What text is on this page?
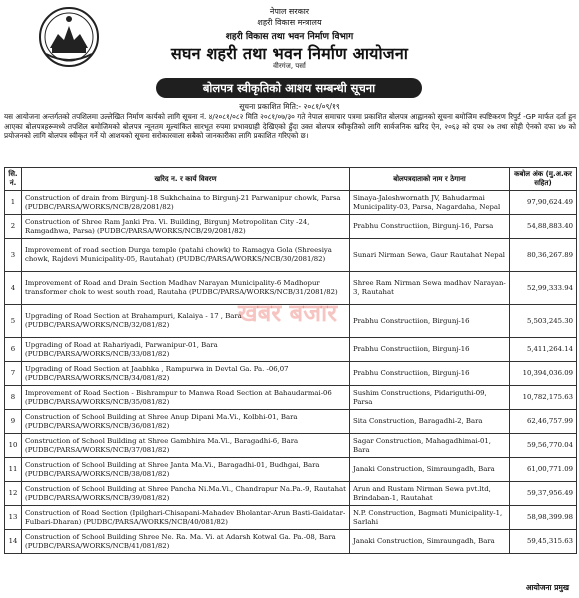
नेपाल सरकार
शहरी विकास मन्त्रालय
शहरी विकास तथा भवन निर्माण विभाग
सघन शहरी तथा भवन निर्माण आयोजना
वीरगंज, पर्सा
बोलपत्र स्वीकृतिको आशय सम्बन्धी सूचना
सूचना प्रकाशित मिति:- २०८१/०९/१९
यस आयोजना अन्तर्गतको तपशिलमा उल्लेखित निर्माण कार्यको लागि सूचना नं. ४/२०८१/०८२ मिति २०८१/०७/३० गते नेपाल समाचार पत्रमा प्रकाशित बोलपत्र आह्वानको सूचना बमोजिम स्पष्टिकरण रिपुर्ट -GP मार्फत दर्ता हुन आएका बोलपत्रहरूमध्ये तपशिल बमोजिमको बोलपत्र न्यूनतम मूल्यांकित सारभूत रुपमा प्रभावग्राही देखिएको हुँदा उक्त बोलपत्र स्वीकृतिको लागि सार्वजनिक खरिद ऐन, २०६३ को दफा २७ तथा सोही ऐनको दफा ४७ को प्रयोजनको लागि बोलपत्र स्वीकृत गर्ने यो आशयको सूचना सरोकारवाला सबैको जानकारीका लागि प्रकाशित गरिएको छ।
सि. नं.	खरिद न. र कार्य विवरण	बोलपत्रदाताको नाम र ठेगाना	कबोल अंक (मु.अ.कर सहित)
1	Construction of drain from Birgunj-18 Sukhchaina to Birgunj-21 Parwanipur chowk, Parsa (PUDBC/PARSA/WORKS/NCB/28/2081/82)	Sinaya-Jaleshwornath JV, Bahudarmai Municipality-03, Parsa, Nagardaha, Nepal	97,90,624.49
2	Construction of Shree Ram Janki Pra. Vi. Building, Birgunj Metropolitan City -24, Ramgadhwa, Parsa) (PUDBC/PARSA/WORKS/NCB/29/2081/82)	Prabhu Constructiion, Birgunj-16, Parsa	54,88,883.40
3	Improvement of road section Durga temple (patahi chowk) to Ramagya Gola (Shreesiya chowk, Rajdevi Municipality-05, Rautahat) (PUDBC/PARSA/WORKS/NCB/30/2081/82)	Sunari Nirman Sewa, Gaur Rautahat Nepal	80,36,267.89
4	Improvement of Road and Drain Section Madhav Narayan Municipality-6 Madhopur transformer chok to west south road, Rautaha (PUDBC/PARSA/WORKS/NCB/31/2081/82)	Shree Ram Nirman Sewa madhav Narayan-3, Rautahat	52,99,333.94
5	Upgrading of Road Section at Brahampuri, Kalaiya - 17 , Bara (PUDBC/PARSA/WORKS/NCB/32/081/82)	Prabhu Constructiion, Birgunj-16	5,503,245.30
6	Upgrading of Road at Rahariyadi, Parwanipur-01, Bara (PUDBC/PARSA/WORKS/NCB/33/081/82)	Prabhu Constructiion, Birgunj-16	5,411,264.14
7	Upgrading of Road Section at Jaabhka , Rampurwa in Devtal Ga. Pa. -06,07 (PUDBC/PARSA/WORKS/NCB/34/081/82)	Prabhu Constructiion, Birgunj-16	10,394,036.09
8	Improvement of Road Section - Bishrampur to Manwa Road Section at Bahaudarmai-06 (PUDBC/PARSA/WORKS/NCB/35/081/82)	Sushim Constructions, Pidariguthi-09, Parsa	10,782,175.63
9	Construction of School Building at Shree Anup Dipani Ma.Vi., Kolbhi-01, Bara (PUDBC/PARSA/WORKS/NCB/36/081/82)	Sita Construction, Baragadhi-2, Bara	62,46,757.99
10	Construction of School Building at Shree Gambhira Ma.Vi., Baragadhi-6, Bara (PUDBC/PARSA/WORKS/NCB/37/081/82)	Sagar Construction, Mahagadhimai-01, Bara	59,56,770.04
11	Construction of School Building at Shree Janta Ma.Vi., Baragadhi-01, Budhgai, Bara (PUDBC/PARSA/WORKS/NCB/38/081/82)	Janaki Construction, Simraungadh, Bara	61,00,771.09
12	Construction of School Building at Shree Pancha Ni.Ma.Vi., Chandrapur Na.Pa.-9, Rautahat (PUDBC/PARSA/WORKS/NCB/39/081/82)	Arun and Rustam Nirman Sewa pvt.ltd, Brindaban-1, Rautahat	59,37,956.49
13	Construction of Road Section (Ipilghari-Chisapani-Mahadev Bholantar-Arun Basti-Gaidatar-Fulbari-Dharan) (PUDBC/PARSA/WORKS/NCB/40/081/82)	N.P. Construction, Bagmati Municipality-1, Sarlahi	58,98,399.98
14	Construction of School Building Shree Ne. Ra. Ma. Vi. at Adarsh Kotwal Ga. Pa.-08, Bara (PUDBC/PARSA/WORKS/NCB/41/081/82)	Janaki Construction, Simraungadh, Bara	59,45,315.63
खबर बजार
आयोजना प्रमुख
